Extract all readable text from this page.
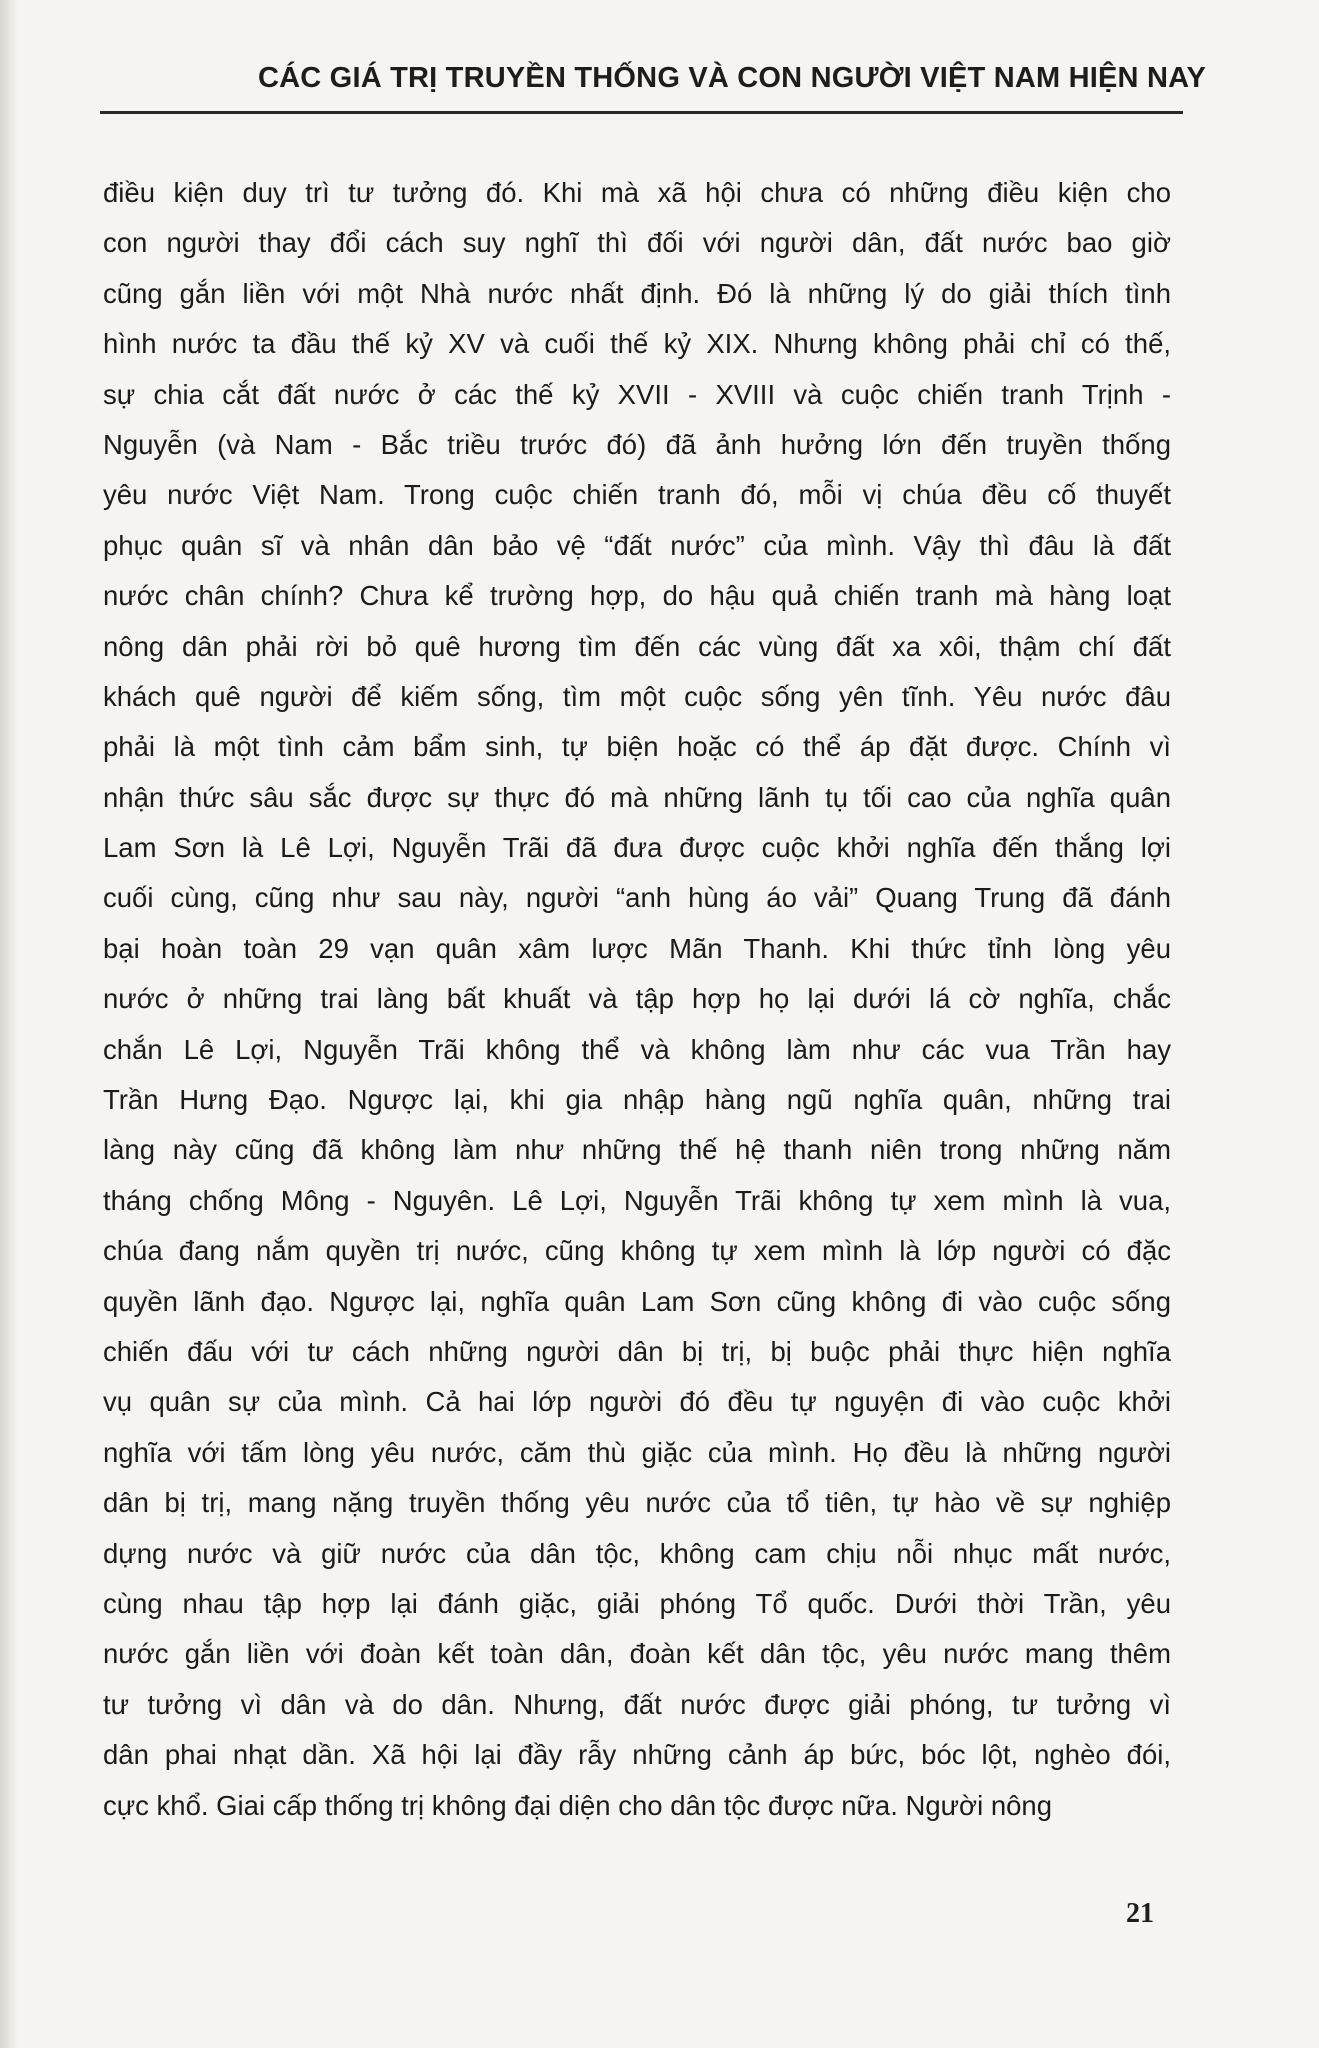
CÁC GIÁ TRỊ TRUYỀN THỐNG VÀ CON NGƯỜI VIỆT NAM HIỆN NAY
điều kiện duy trì tư tưởng đó. Khi mà xã hội chưa có những điều kiện cho
con người thay đổi cách suy nghĩ thì đối với người dân, đất nước bao giờ
cũng gắn liền với một Nhà nước nhất định. Đó là những lý do giải thích tình
hình nước ta đầu thế kỷ XV và cuối thế kỷ XIX. Nhưng không phải chỉ có thế,
sự chia cắt đất nước ở các thế kỷ XVII - XVIII và cuộc chiến tranh Trịnh -
Nguyễn (và Nam - Bắc triều trước đó) đã ảnh hưởng lớn đến truyền thống
yêu nước Việt Nam. Trong cuộc chiến tranh đó, mỗi vị chúa đều cố thuyết
phục quân sĩ và nhân dân bảo vệ “đất nước” của mình. Vậy thì đâu là đất
nước chân chính? Chưa kể trường hợp, do hậu quả chiến tranh mà hàng loạt
nông dân phải rời bỏ quê hương tìm đến các vùng đất xa xôi, thậm chí đất
khách quê người để kiếm sống, tìm một cuộc sống yên tĩnh. Yêu nước đâu
phải là một tình cảm bẩm sinh, tự biện hoặc có thể áp đặt được. Chính vì
nhận thức sâu sắc được sự thực đó mà những lãnh tụ tối cao của nghĩa quân
Lam Sơn là Lê Lợi, Nguyễn Trãi đã đưa được cuộc khởi nghĩa đến thắng lợi
cuối cùng, cũng như sau này, người “anh hùng áo vải” Quang Trung đã đánh
bại hoàn toàn 29 vạn quân xâm lược Mãn Thanh. Khi thức tỉnh lòng yêu
nước ở những trai làng bất khuất và tập hợp họ lại dưới lá cờ nghĩa, chắc
chắn Lê Lợi, Nguyễn Trãi không thể và không làm như các vua Trần hay
Trần Hưng Đạo. Ngược lại, khi gia nhập hàng ngũ nghĩa quân, những trai
làng này cũng đã không làm như những thế hệ thanh niên trong những năm
tháng chống Mông - Nguyên. Lê Lợi, Nguyễn Trãi không tự xem mình là vua,
chúa đang nắm quyền trị nước, cũng không tự xem mình là lớp người có đặc
quyền lãnh đạo. Ngược lại, nghĩa quân Lam Sơn cũng không đi vào cuộc sống
chiến đấu với tư cách những người dân bị trị, bị buộc phải thực hiện nghĩa
vụ quân sự của mình. Cả hai lớp người đó đều tự nguyện đi vào cuộc khởi
nghĩa với tấm lòng yêu nước, căm thù giặc của mình. Họ đều là những người
dân bị trị, mang nặng truyền thống yêu nước của tổ tiên, tự hào về sự nghiệp
dựng nước và giữ nước của dân tộc, không cam chịu nỗi nhục mất nước,
cùng nhau tập hợp lại đánh giặc, giải phóng Tổ quốc. Dưới thời Trần, yêu
nước gắn liền với đoàn kết toàn dân, đoàn kết dân tộc, yêu nước mang thêm
tư tưởng vì dân và do dân. Nhưng, đất nước được giải phóng, tư tưởng vì
dân phai nhạt dần. Xã hội lại đầy rẫy những cảnh áp bức, bóc lột, nghèo đói,
cực khổ. Giai cấp thống trị không đại diện cho dân tộc được nữa. Người nông
21
